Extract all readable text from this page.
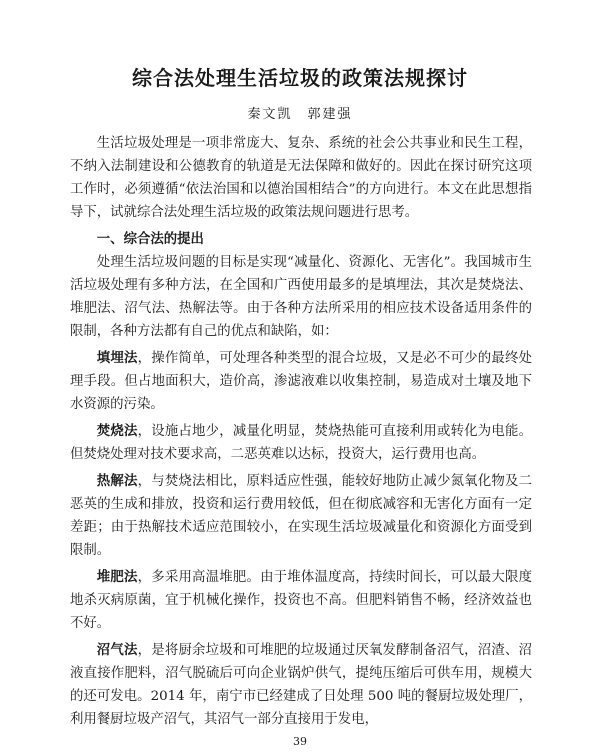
综合法处理生活垃圾的政策法规探讨
秦文凯　郭建强

生活垃圾处理是一项非常庞大、复杂、系统的社会公共事业和民生工程，不纳入法制建设和公德教育的轨道是无法保障和做好的。因此在探讨研究这项工作时，必须遵循“依法治国和以德治国相结合”的方向进行。本文在此思想指导下，试就综合法处理生活垃圾的政策法规问题进行思考。

一、综合法的提出

处理生活垃圾问题的目标是实现“减量化、资源化、无害化”。我国城市生活垃圾处理有多种方法，在全国和广西使用最多的是填埋法，其次是焚烧法、堆肥法、沼气法、热解法等。由于各种方法所采用的相应技术设备适用条件的限制，各种方法都有自己的优点和缺陷，如：

填埋法，操作简单，可处理各种类型的混合垃圾，又是必不可少的最终处理手段。但占地面积大，造价高，渗滤液难以收集控制，易造成对土壤及地下水资源的污染。

焚烧法，设施占地少，减量化明显，焚烧热能可直接利用或转化为电能。但焚烧处理对技术要求高，二恶英难以达标，投资大，运行费用也高。

热解法，与焚烧法相比，原料适应性强，能较好地防止减少氮氧化物及二恶英的生成和排放，投资和运行费用较低，但在彻底减容和无害化方面有一定差距；由于热解技术适应范围较小，在实现生活垃圾减量化和资源化方面受到限制。

堆肥法，多采用高温堆肥。由于堆体温度高，持续时间长，可以最大限度地杀灭病原菌，宜于机械化操作，投资也不高。但肥料销售不畅，经济效益也不好。

沼气法，是将厨余垃圾和可堆肥的垃圾通过厌氧发酵制备沼气，沼渣、沼液直接作肥料，沼气脱硫后可向企业锅炉供气，提纯压缩后可供车用，规模大的还可发电。2014 年，南宁市已经建成了日处理 500 吨的餐厨垃圾处理厂，利用餐厨垃圾产沼气，其沼气一部分直接用于发电，

39
